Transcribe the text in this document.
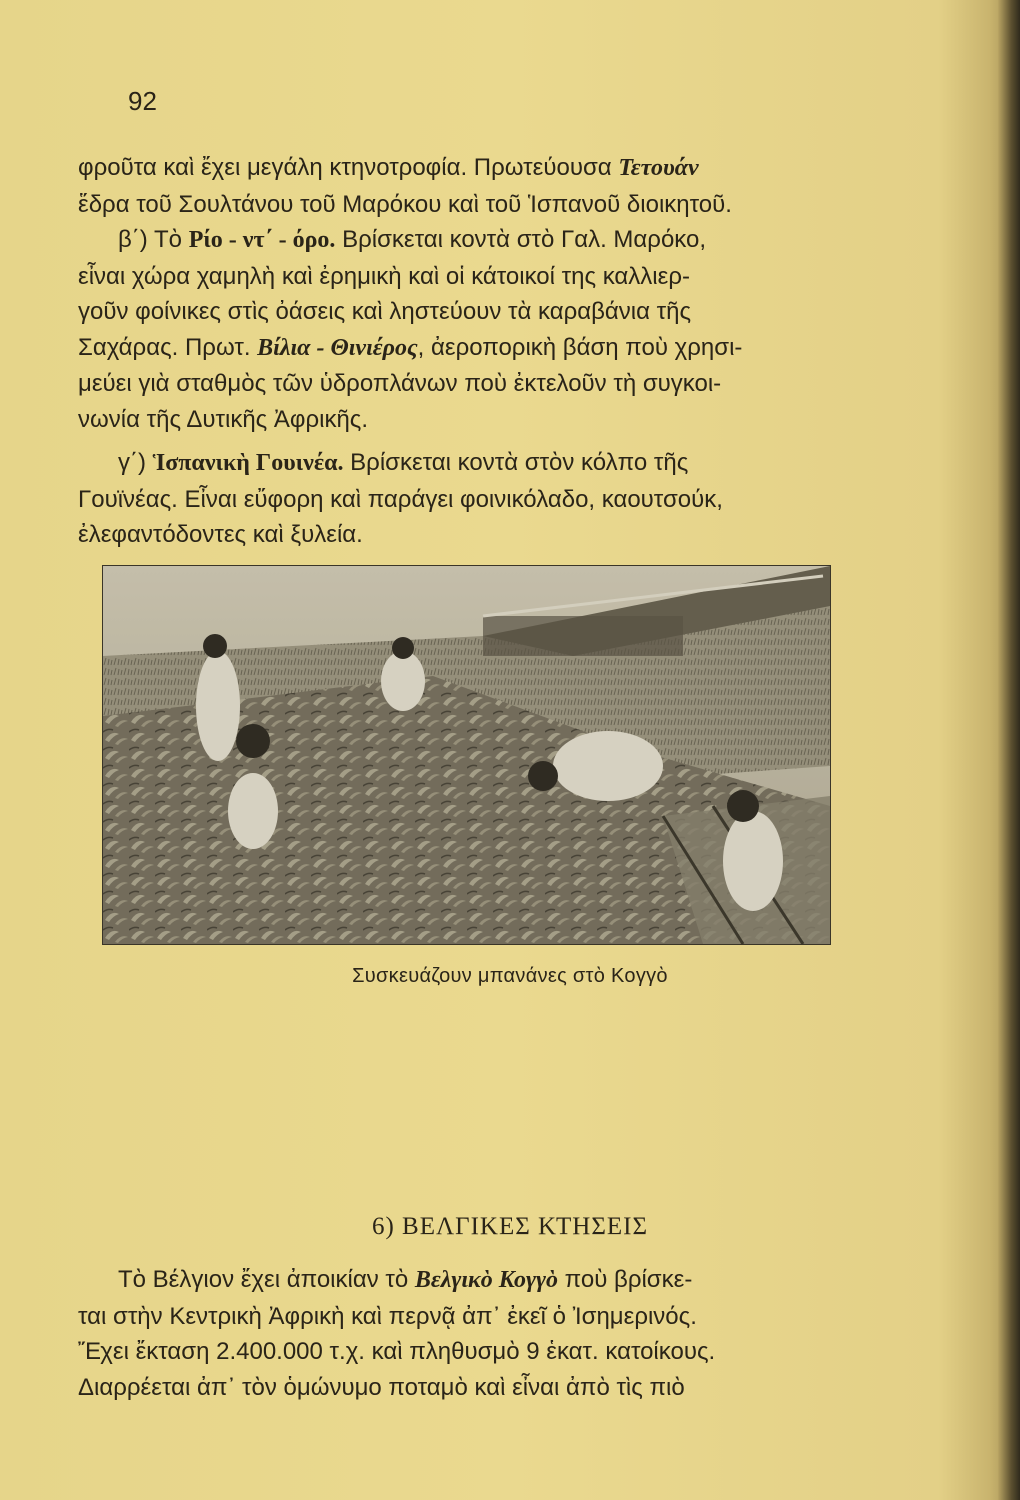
92
φροῦτα καὶ ἔχει μεγάλη κτηνοτροφία. Πρωτεύουσα Τετουάν
ἕδρα τοῦ Σουλτάνου τοῦ Μαρόκου καὶ τοῦ Ἱσπανοῦ διοικητοῦ.
β΄) Τὸ Ρίο - ντ΄ - όρο. Βρίσκεται κοντὰ στὸ Γαλ. Μαρόκο,
εἶναι χώρα χαμηλὴ καὶ ἐρημικὴ καὶ οἱ κάτοικοί της καλλιερ-
γοῦν φοίνικες στὶς ὀάσεις καὶ ληστεύουν τὰ καραβάνια τῆς
Σαχάρας. Πρωτ. Βίλια - Θινιέρος, ἀεροπορικὴ βάση ποὺ χρησι-
μεύει γιὰ σταθμὸς τῶν ὑδροπλάνων ποὺ ἐκτελοῦν τὴ συγκοι-
νωνία τῆς Δυτικῆς Ἀφρικῆς.
γ΄) Ἱσπανικὴ Γουινέα. Βρίσκεται κοντὰ στὸν κόλπο τῆς
Γουϊνέας. Εἶναι εὔφορη καὶ παράγει φοινικόλαδο, καουτσούκ,
ἐλεφαντόδοντες καὶ ξυλεία.
Συσκευάζουν μπανάνες στὸ Κογγὸ
6) ΒΕΛΓΙΚΕΣ ΚΤΗΣΕΙΣ
Τὸ Βέλγιον ἔχει ἀποικίαν τὸ Βελγικὸ Κογγὸ ποὺ βρίσκε-
ται στὴν Κεντρικὴ Ἀφρικὴ καὶ περνᾷ ἀπ᾿ ἐκεῖ ὁ Ἰσημερινός.
Ἔχει ἔκταση 2.400.000 τ.χ. καὶ πληθυσμὸ 9 ἑκατ. κατοίκους.
Διαρρέεται ἀπ᾿ τὸν ὁμώνυμο ποταμὸ καὶ εἶναι ἀπὸ τὶς πιὸ
